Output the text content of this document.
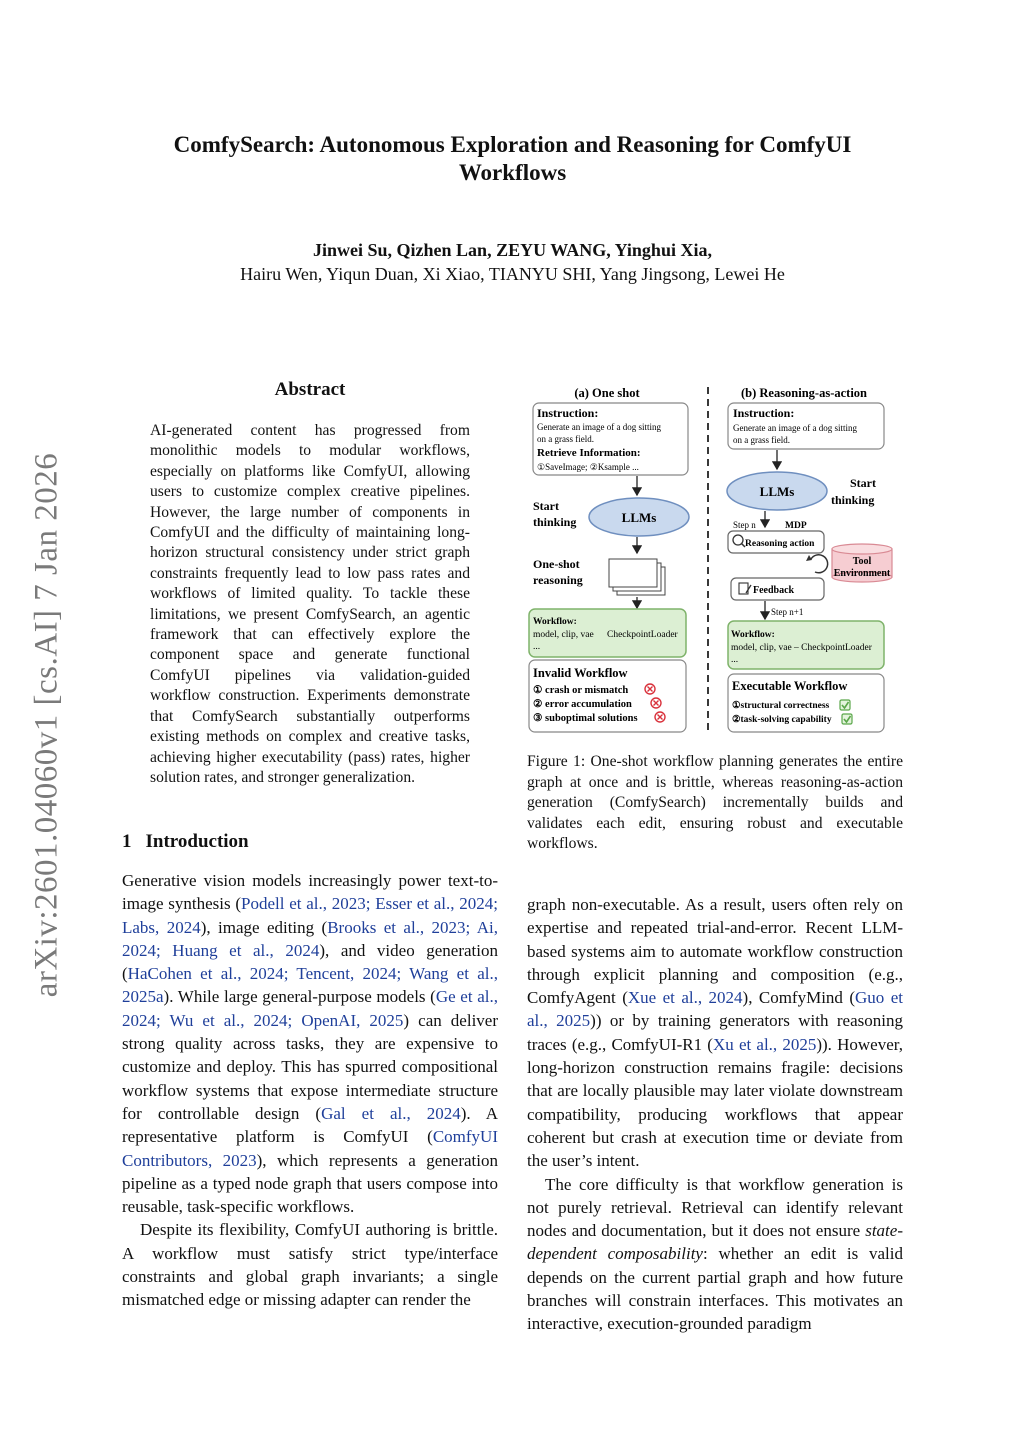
arXiv:2601.04060v1 [cs.AI] 7 Jan 2026
ComfySearch: Autonomous Exploration and Reasoning for ComfyUI Workflows
Jinwei Su, Qizhen Lan, ZEYU WANG, Yinghui Xia,
Hairu Wen, Yiqun Duan, Xi Xiao, TIANYU SHI, Yang Jingsong, Lewei He
Abstract
AI-generated content has progressed from monolithic models to modular workflows, especially on platforms like ComfyUI, allowing users to customize complex creative pipelines. However, the large number of components in ComfyUI and the difficulty of maintaining long-horizon structural consistency under strict graph constraints frequently lead to low pass rates and workflows of limited quality. To tackle these limitations, we present ComfySearch, an agentic framework that can effectively explore the component space and generate functional ComfyUI pipelines via validation-guided workflow construction. Experiments demonstrate that ComfySearch substantially outperforms existing methods on complex and creative tasks, achieving higher executability (pass) rates, higher solution rates, and stronger generalization.
1 Introduction

Generative vision models increasingly power text-to-image synthesis (Podell et al., 2023; Esser et al., 2024; Labs, 2024), image editing (Brooks et al., 2023; Ai, 2024; Huang et al., 2024), and video generation (HaCohen et al., 2024; Tencent, 2024; Wang et al., 2025a). While large general-purpose models (Ge et al., 2024; Wu et al., 2024; OpenAI, 2025) can deliver strong quality across tasks, they are expensive to customize and deploy. This has spurred compositional workflow systems that expose intermediate structure for controllable design (Gal et al., 2024). A representative platform is ComfyUI (ComfyUI Contributors, 2023), which represents a generation pipeline as a typed node graph that users compose into reusable, task-specific workflows.

Despite its flexibility, ComfyUI authoring is brittle. A workflow must satisfy strict type/interface constraints and global graph invariants; a single mismatched edge or missing adapter can render the

graph non-executable. As a result, users often rely on expertise and repeated trial-and-error. Recent LLM-based systems aim to automate workflow construction through explicit planning and composition (e.g., ComfyAgent (Xue et al., 2024), ComfyMind (Guo et al., 2025)) or by training generators with reasoning traces (e.g., ComfyUI-R1 (Xu et al., 2025)). However, long-horizon construction remains fragile: decisions that are locally plausible may later violate downstream compatibility, producing workflows that appear coherent but crash at execution time or deviate from the user’s intent.

The core difficulty is that workflow generation is not purely retrieval. Retrieval can identify relevant nodes and documentation, but it does not ensure state-dependent composability: whether an edit is valid depends on the current partial graph and how future branches will constrain interfaces. This motivates an interactive, execution-grounded paradigm

(a) One shot
Instruction:
Generate an image of a dog sitting
on a grass field.
Retrieve Information:
①SaveImage; ②Ksample ...
Start
thinking	LLMs
One-shot
reasoning
Workflow:
model, clip, vae CheckpointLoader
...
Invalid Workflow
① crash or mismatch
② error accumulation
③ suboptimal solutions
(b) Reasoning-as-action
Instruction:
Generate an image of a dog sitting
on a grass field.
LLMs
Start
thinking
Step n	MDP
Reasoning action
Tool
Environment
Feedback
Step n+1
Workflow:
model, clip, vae – CheckpointLoader
...
Executable Workflow
①structural correctness
②task-solving capability
Figure 1: One-shot workflow planning generates the entire graph at once and is brittle, whereas reasoning-as-action generation (ComfySearch) incrementally builds and validates each edit, ensuring robust and executable workflows.
